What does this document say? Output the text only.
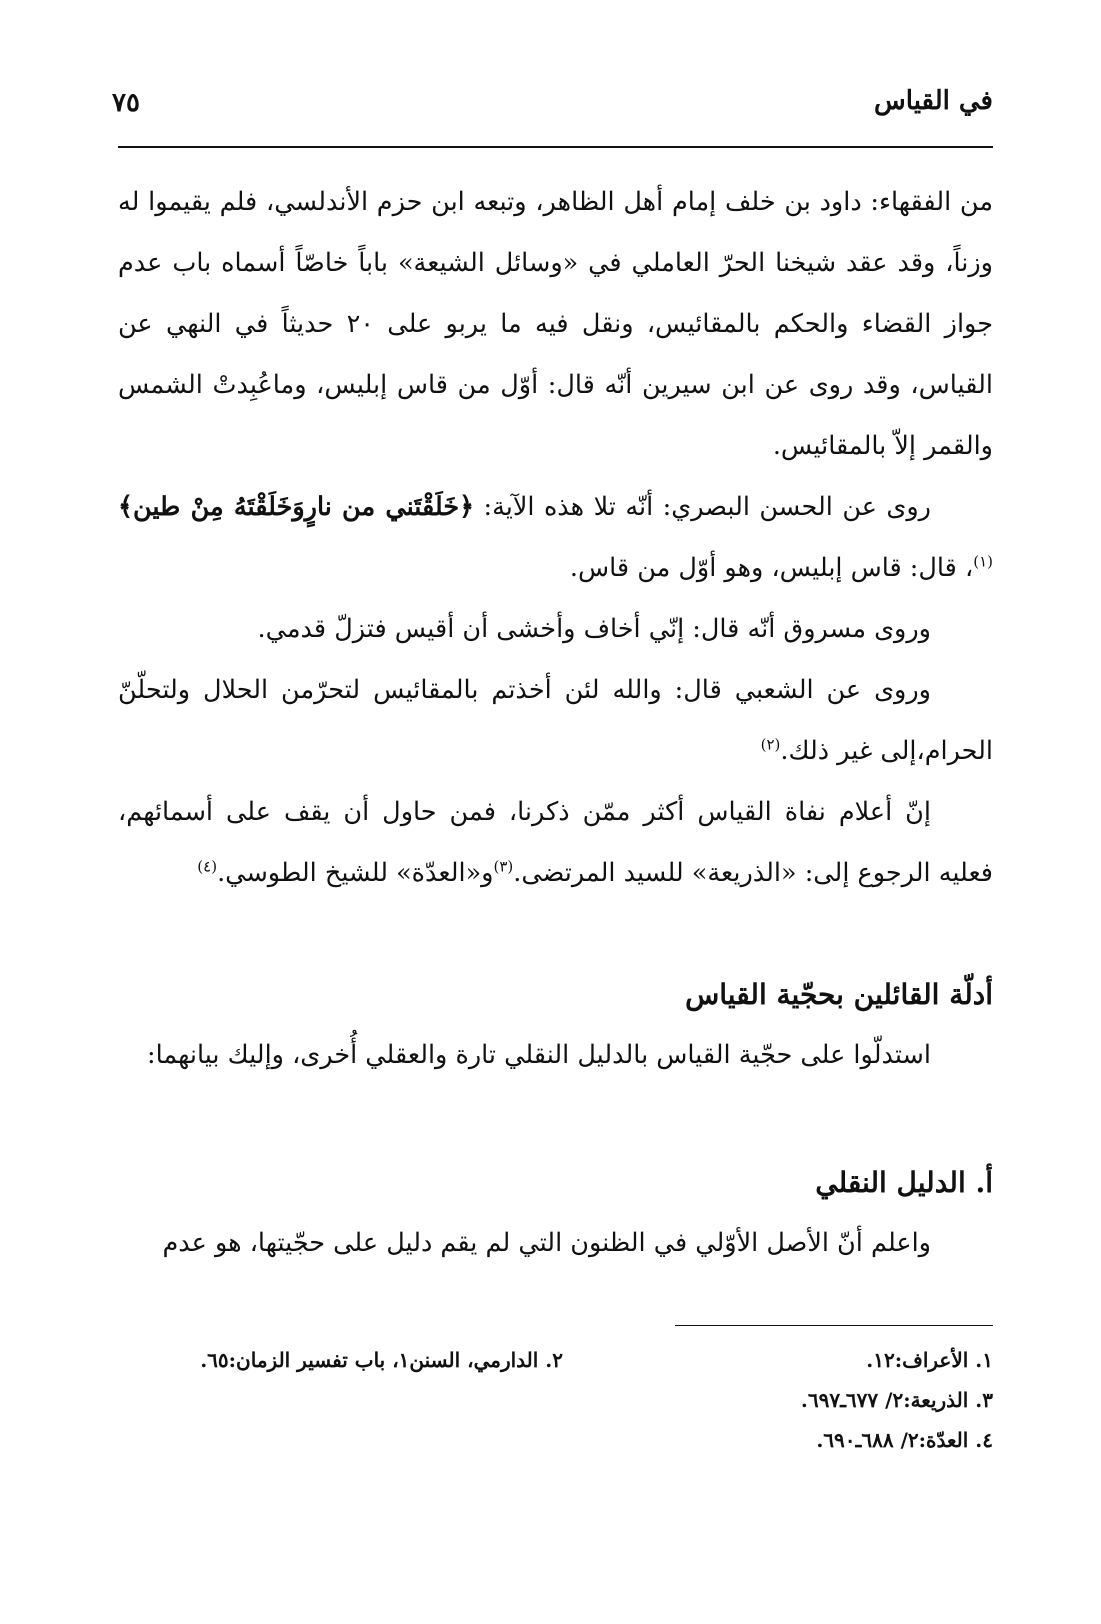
في القياس
٧٥

من الفقهاء: داود بن خلف إمام أهل الظاهر، وتبعه ابن حزم الأندلسي، فلم يقيموا له وزناً، وقد عقد شيخنا الحرّ العاملي في «وسائل الشيعة» باباً خاصّاً أسماه باب عدم جواز القضاء والحكم بالمقائيس، ونقل فيه ما يربو على ٢٠ حديثاً في النهي عن القياس، وقد روى عن ابن سيرين أنّه قال: أوّل من قاس إبليس، وماعُبِدتْ الشمس والقمر إلاّ بالمقائيس.

روى عن الحسن البصري: أنّه تلا هذه الآية: ﴿خَلَقْتَني من نارٍوَخَلَقْتَهُ مِنْ طين﴾$^{(١)}$، قال: قاس إبليس، وهو أوّل من قاس.

وروى مسروق أنّه قال: إنّي أخاف وأخشى أن أقيس فتزلّ قدمي.

وروى عن الشعبي قال: والله لئن أخذتم بالمقائيس لتحرّمن الحلال ولتحلّنّ الحرام،إلى غير ذلك.$^{(٢)}$

إنّ أعلام نفاة القياس أكثر ممّن ذكرنا، فمن حاول أن يقف على أسمائهم، فعليه الرجوع إلى: «الذريعة» للسيد المرتضى.$^{(٣)}$و«العدّة» للشيخ الطوسي.$^{(٤)}$

أدلّة القائلين بحجّية القياس

استدلّوا على حجّية القياس بالدليل النقلي تارة والعقلي أُخرى، وإليك بيانهما:

أ. الدليل النقلي

واعلم أنّ الأصل الأوّلي في الظنون التي لم يقم دليل على حجّيتها، هو عدم

١. الأعراف:١٢.
٢. الدارمي، السنن١، باب تفسير الزمان:٦٥.
٣. الذريعة:٢/ ٦٧٧ـ٦٩٧.
٤. العدّة:٢/ ٦٨٨ـ٦٩٠.
